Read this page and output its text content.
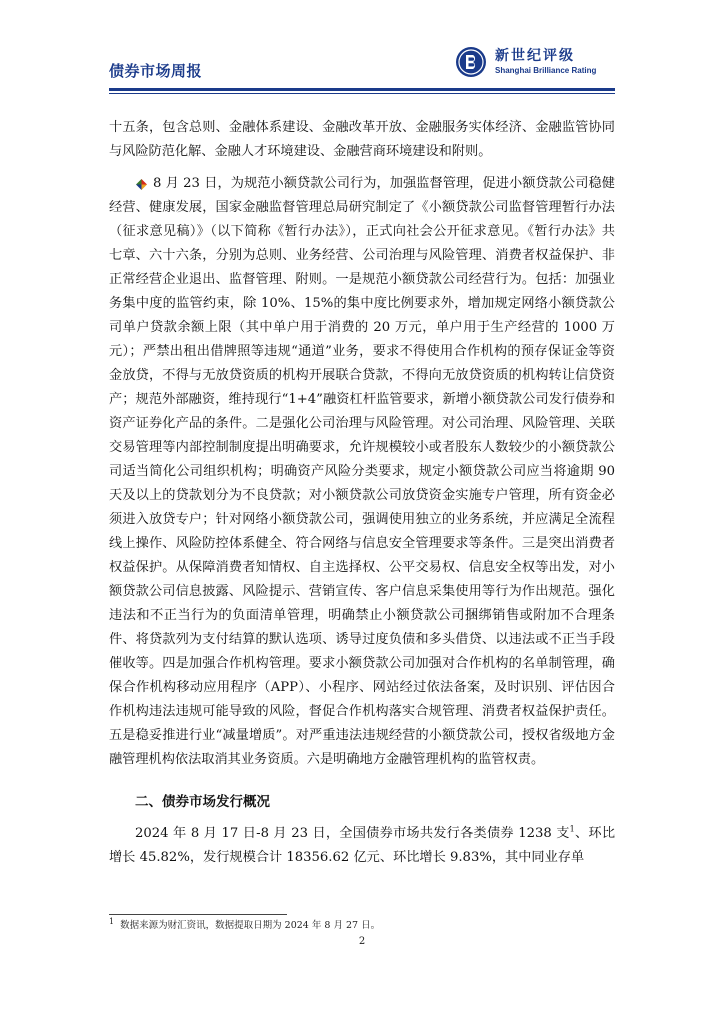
债券市场周报
新世纪评级
Shanghai Brilliance Rating

十五条，包含总则、金融体系建设、金融改革开放、金融服务实体经济、金融监管协同与风险防范化解、金融人才环境建设、金融营商环境建设和附则。

8 月 23 日，为规范小额贷款公司行为，加强监督管理，促进小额贷款公司稳健经营、健康发展，国家金融监督管理总局研究制定了《小额贷款公司监督管理暂行办法（征求意见稿）》（以下简称《暂行办法》），正式向社会公开征求意见。《暂行办法》共七章、六十六条，分别为总则、业务经营、公司治理与风险管理、消费者权益保护、非正常经营企业退出、监督管理、附则。一是规范小额贷款公司经营行为。包括：加强业务集中度的监管约束，除 10%、15%的集中度比例要求外，增加规定网络小额贷款公司单户贷款余额上限（其中单户用于消费的 20 万元，单户用于生产经营的 1000 万元）；严禁出租出借牌照等违规“通道”业务，要求不得使用合作机构的预存保证金等资金放贷，不得与无放贷资质的机构开展联合贷款，不得向无放贷资质的机构转让信贷资产；规范外部融资，维持现行“1+4”融资杠杆监管要求，新增小额贷款公司发行债券和资产证券化产品的条件。二是强化公司治理与风险管理。对公司治理、风险管理、关联交易管理等内部控制制度提出明确要求，允许规模较小或者股东人数较少的小额贷款公司适当简化公司组织机构；明确资产风险分类要求，规定小额贷款公司应当将逾期 90 天及以上的贷款划分为不良贷款；对小额贷款公司放贷资金实施专户管理，所有资金必须进入放贷专户；针对网络小额贷款公司，强调使用独立的业务系统，并应满足全流程线上操作、风险防控体系健全、符合网络与信息安全管理要求等条件。三是突出消费者权益保护。从保障消费者知情权、自主选择权、公平交易权、信息安全权等出发，对小额贷款公司信息披露、风险提示、营销宣传、客户信息采集使用等行为作出规范。强化违法和不正当行为的负面清单管理，明确禁止小额贷款公司捆绑销售或附加不合理条件、将贷款列为支付结算的默认选项、诱导过度负债和多头借贷、以违法或不正当手段催收等。四是加强合作机构管理。要求小额贷款公司加强对合作机构的名单制管理，确保合作机构移动应用程序（APP）、小程序、网站经过依法备案，及时识别、评估因合作机构违法违规可能导致的风险，督促合作机构落实合规管理、消费者权益保护责任。五是稳妥推进行业“减量增质”。对严重违法违规经营的小额贷款公司，授权省级地方金融管理机构依法取消其业务资质。六是明确地方金融管理机构的监管权责。

二、债券市场发行概况

2024 年 8 月 17 日-8 月 23 日，全国债券市场共发行各类债券 1238 支$^1$、环比增长 45.82%，发行规模合计 18356.62 亿元、环比增长 9.83%，其中同业存单

$^1$ 数据来源为财汇资讯，数据提取日期为 2024 年 8 月 27 日。
2
